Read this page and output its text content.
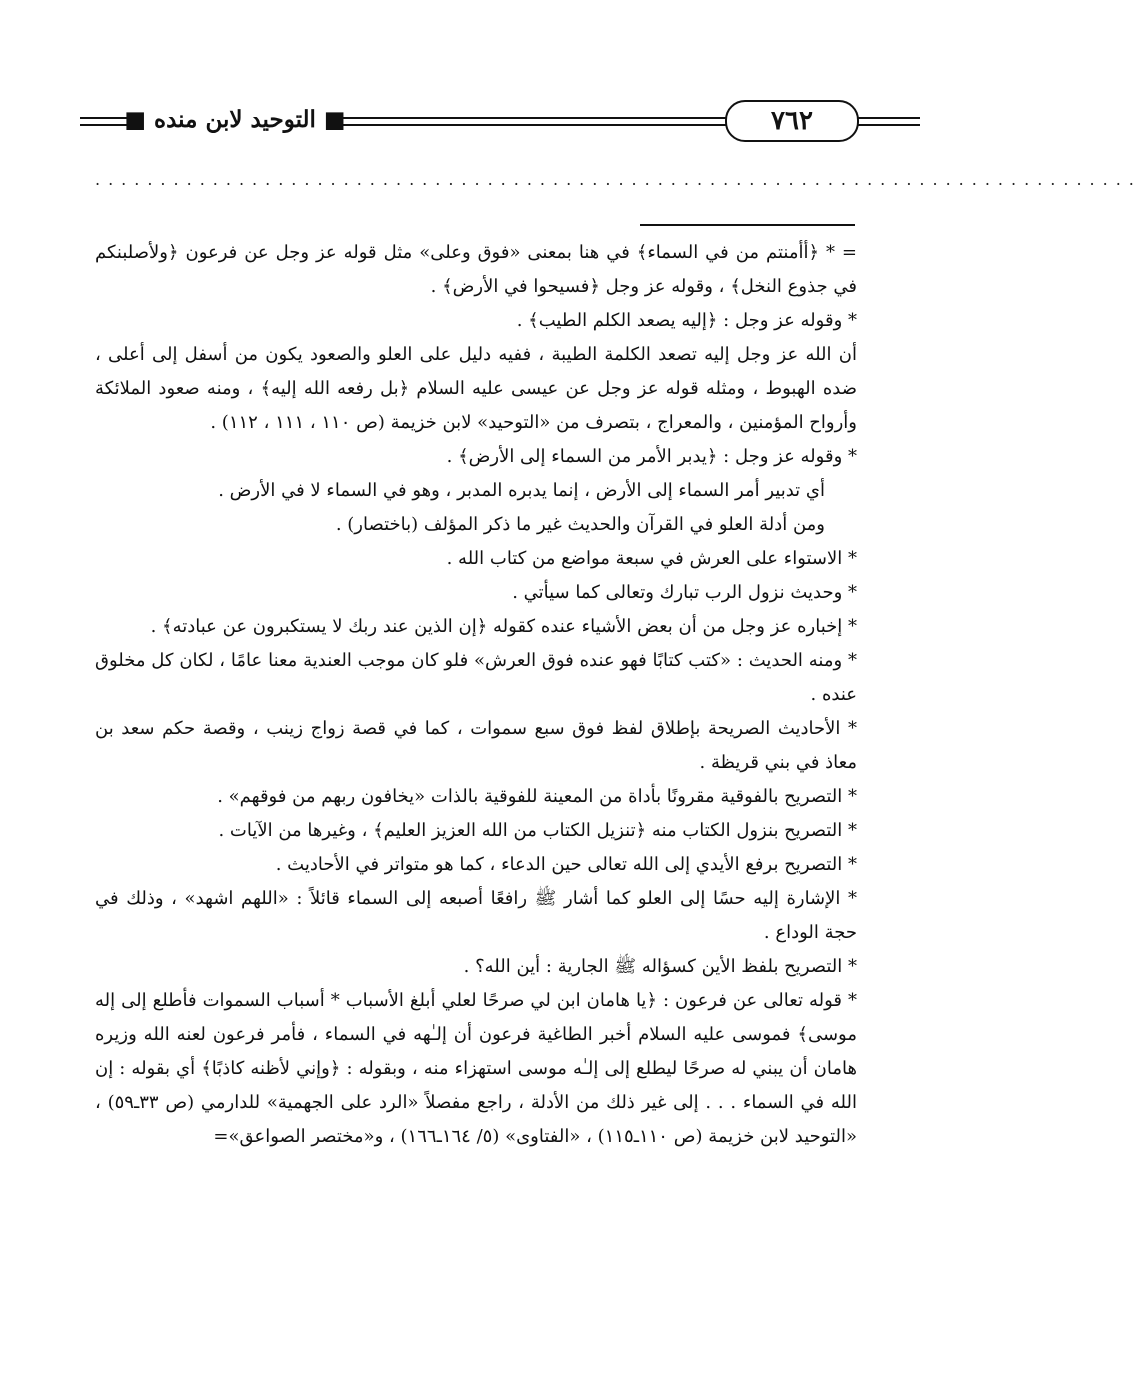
٧٦٢
■ التوحيد لابن منده ■
................................................................................

= * ﴿أأمنتم من في السماء﴾ في هنا بمعنى «فوق وعلى» مثل قوله عز وجل عن فرعون ﴿ولأصلبنكم في جذوع النخل﴾ ، وقوله عز وجل ﴿فسيحوا في الأرض﴾ .

* وقوله عز وجل : ﴿إليه يصعد الكلم الطيب﴾ .

أن الله عز وجل إليه تصعد الكلمة الطيبة ، ففيه دليل على العلو والصعود يكون من أسفل إلى أعلى ، ضده الهبوط ، ومثله قوله عز وجل عن عيسى عليه السلام ﴿بل رفعه الله إليه﴾ ، ومنه صعود الملائكة وأرواح المؤمنين ، والمعراج ، بتصرف من «التوحيد» لابن خزيمة (ص ١١٠ ، ١١١ ، ١١٢) .

* وقوله عز وجل : ﴿يدبر الأمر من السماء إلى الأرض﴾ .

أي تدبير أمر السماء إلى الأرض ، إنما يدبره المدبر ، وهو في السماء لا في الأرض .

ومن أدلة العلو في القرآن والحديث غير ما ذكر المؤلف (باختصار) .

* الاستواء على العرش في سبعة مواضع من كتاب الله .

* وحديث نزول الرب تبارك وتعالى كما سيأتي .

* إخباره عز وجل من أن بعض الأشياء عنده كقوله ﴿إن الذين عند ربك لا يستكبرون عن عبادته﴾ .

* ومنه الحديث : «كتب كتابًا فهو عنده فوق العرش» فلو كان موجب العندية معنا عامًا ، لكان كل مخلوق عنده .

* الأحاديث الصريحة بإطلاق لفظ فوق سبع سموات ، كما في قصة زواج زينب ، وقصة حكم سعد بن معاذ في بني قريظة .

* التصريح بالفوقية مقرونًا بأداة من المعينة للفوقية بالذات «يخافون ربهم من فوقهم» .

* التصريح بنزول الكتاب منه ﴿تنزيل الكتاب من الله العزيز العليم﴾ ، وغيرها من الآيات .

* التصريح برفع الأيدي إلى الله تعالى حين الدعاء ، كما هو متواتر في الأحاديث .

* الإشارة إليه حسًا إلى العلو كما أشار ﷺ رافعًا أصبعه إلى السماء قائلاً : «اللهم اشهد» ، وذلك في حجة الوداع .

* التصريح بلفظ الأين كسؤاله ﷺ الجارية : أين الله؟ .

* قوله تعالى عن فرعون : ﴿يا هامان ابن لي صرحًا لعلي أبلغ الأسباب * أسباب السموات فأطلع إلى إله موسى﴾ فموسى عليه السلام أخبر الطاغية فرعون أن إلـٰهه في السماء ، فأمر فرعون لعنه الله وزيره هامان أن يبني له صرحًا ليطلع إلى إلـٰه موسى استهزاء منه ، وبقوله : ﴿وإني لأظنه كاذبًا﴾ أي بقوله : إن الله في السماء . . . إلى غير ذلك من الأدلة ، راجع مفصلاً «الرد على الجهمية» للدارمي (ص ٣٣ـ٥٩) ، «التوحيد لابن خزيمة (ص ١١٠ـ١١٥) ، «الفتاوى» (٥/ ١٦٤ـ١٦٦) ، و«مختصر الصواعق»=
